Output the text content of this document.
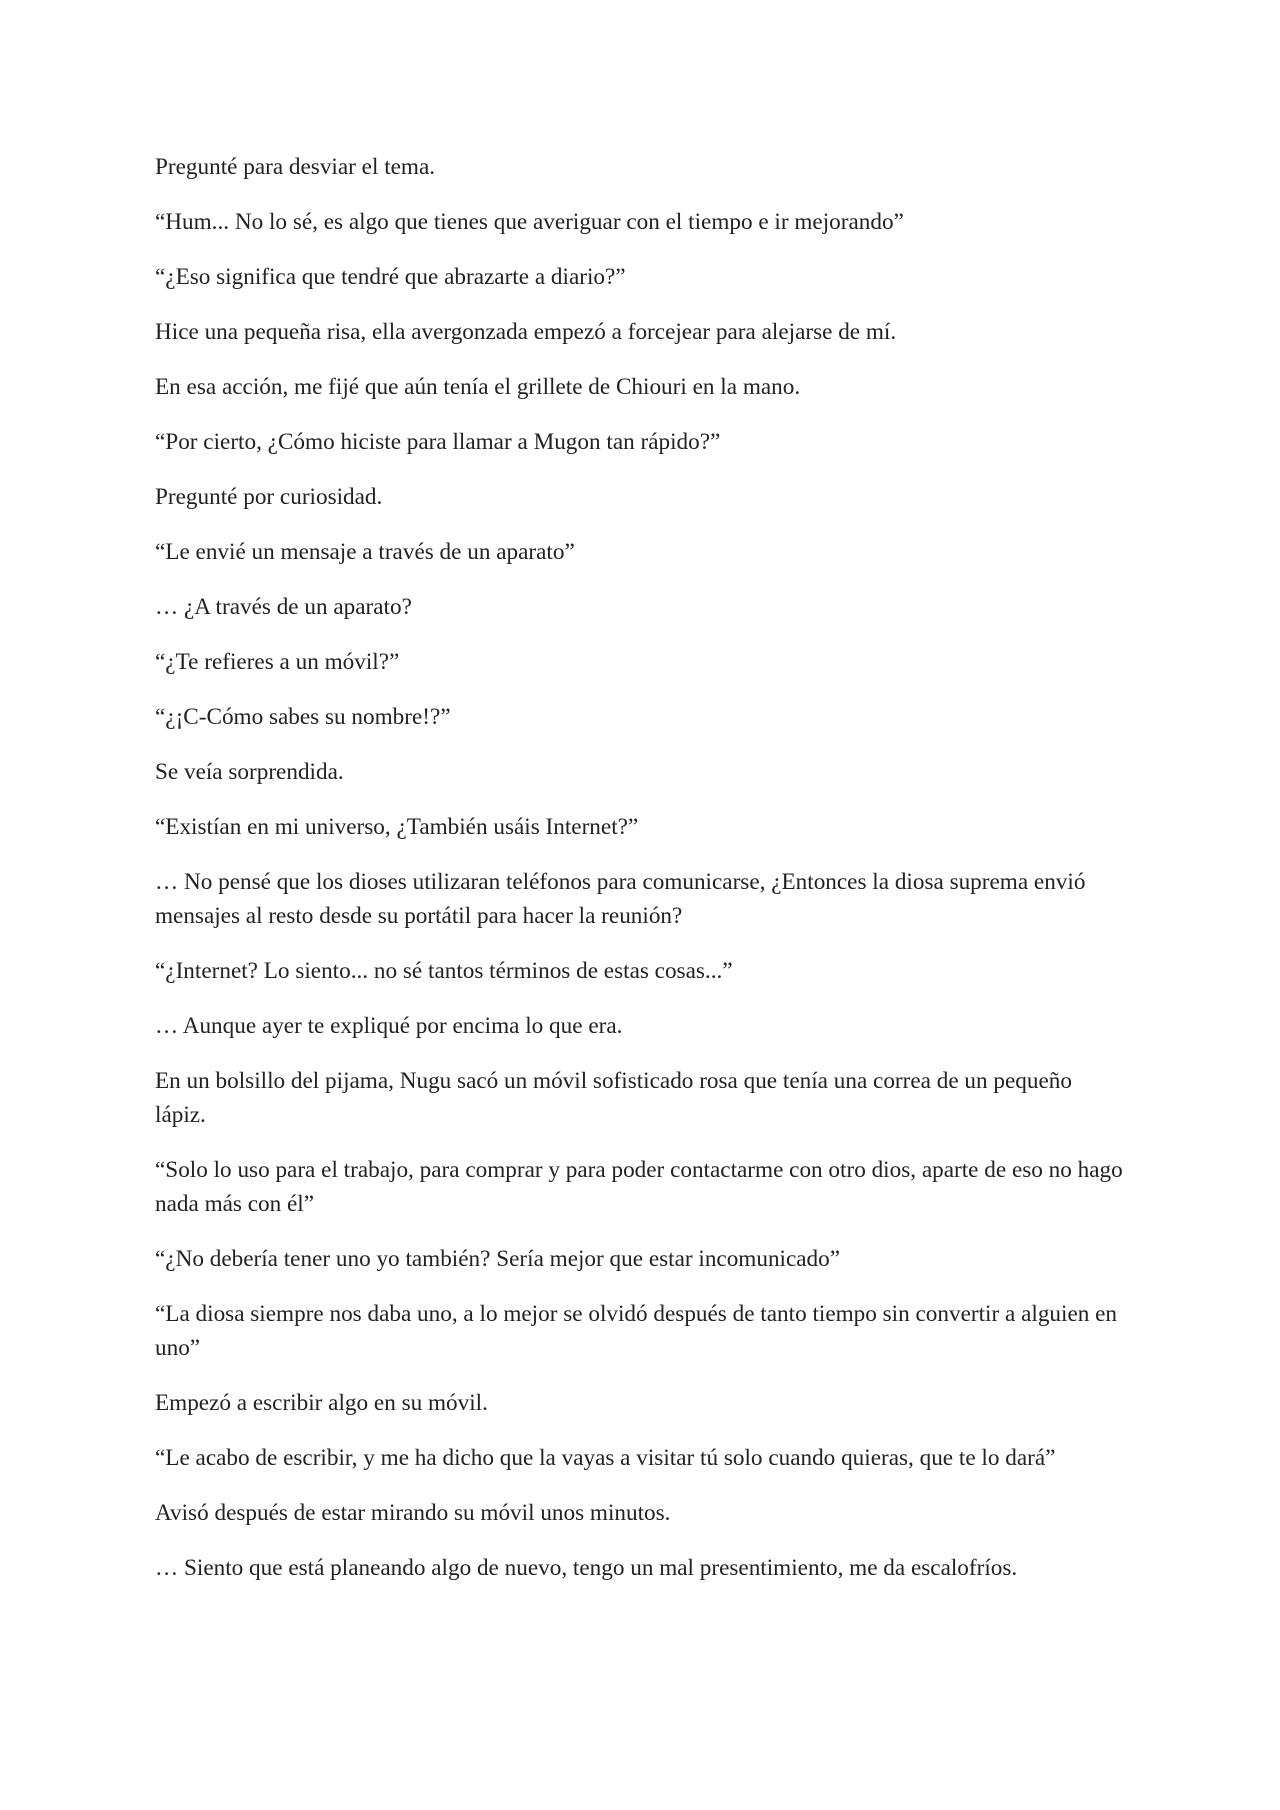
Pregunté para desviar el tema.

“Hum... No lo sé, es algo que tienes que averiguar con el tiempo e ir mejorando”

“¿Eso significa que tendré que abrazarte a diario?”

Hice una pequeña risa, ella avergonzada empezó a forcejear para alejarse de mí.

En esa acción, me fijé que aún tenía el grillete de Chiouri en la mano.

“Por cierto, ¿Cómo hiciste para llamar a Mugon tan rápido?”

Pregunté por curiosidad.

“Le envié un mensaje a través de un aparato”

… ¿A través de un aparato?

“¿Te refieres a un móvil?”

“¿¡C-Cómo sabes su nombre!?”

Se veía sorprendida.

“Existían en mi universo, ¿También usáis Internet?”

… No pensé que los dioses utilizaran teléfonos para comunicarse, ¿Entonces la diosa suprema envió mensajes al resto desde su portátil para hacer la reunión?

“¿Internet? Lo siento... no sé tantos términos de estas cosas...”

… Aunque ayer te expliqué por encima lo que era.

En un bolsillo del pijama, Nugu sacó un móvil sofisticado rosa que tenía una correa de un pequeño lápiz.

“Solo lo uso para el trabajo, para comprar y para poder contactarme con otro dios, aparte de eso no hago nada más con él”

“¿No debería tener uno yo también? Sería mejor que estar incomunicado”

“La diosa siempre nos daba uno, a lo mejor se olvidó después de tanto tiempo sin convertir a alguien en uno”

Empezó a escribir algo en su móvil.

“Le acabo de escribir, y me ha dicho que la vayas a visitar tú solo cuando quieras, que te lo dará”

Avisó después de estar mirando su móvil unos minutos.

… Siento que está planeando algo de nuevo, tengo un mal presentimiento, me da escalofríos.
